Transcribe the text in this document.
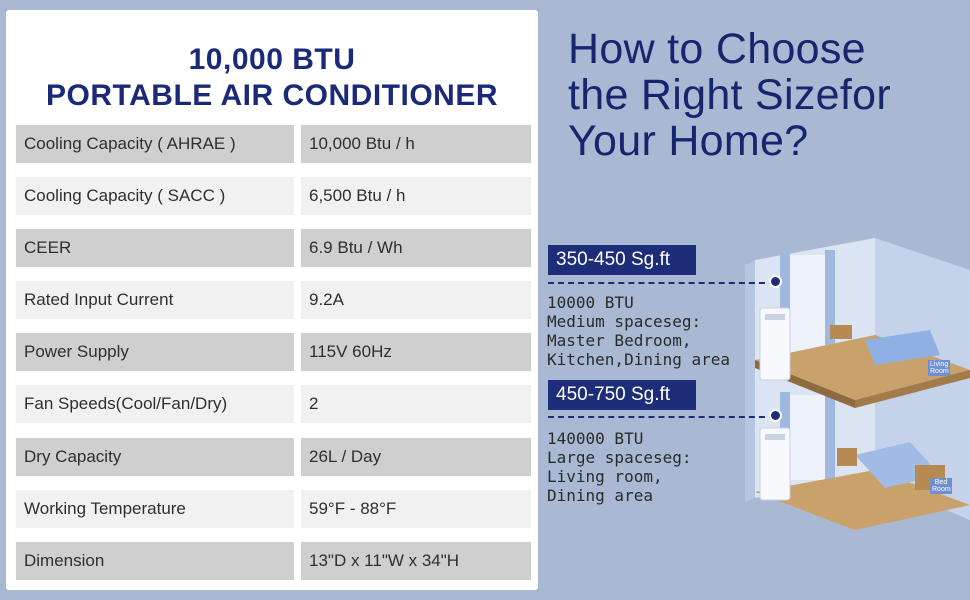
10,000 BTU
PORTABLE AIR CONDITIONER
Cooling Capacity ( AHRAE )	10,000 Btu / h
Cooling Capacity ( SACC )	6,500 Btu / h
CEER	6.9 Btu / Wh
Rated Input Current	9.2A
Power Supply	115V 60Hz
Fan Speeds(Cool/Fan/Dry)	2
Dry Capacity	26L / Day
Working Temperature	59°F - 88°F
Dimension	13"D x 11"W x 34"H
How to Choose
the Right Sizefor
Your Home?
Living Room
Bed Room
350-450 Sg.ft
10000 BTU
Medium spaceseg:
Master Bedroom,
Kitchen,Dining area
450-750 Sg.ft
140000 BTU
Large spaceseg:
Living room,
Dining area
